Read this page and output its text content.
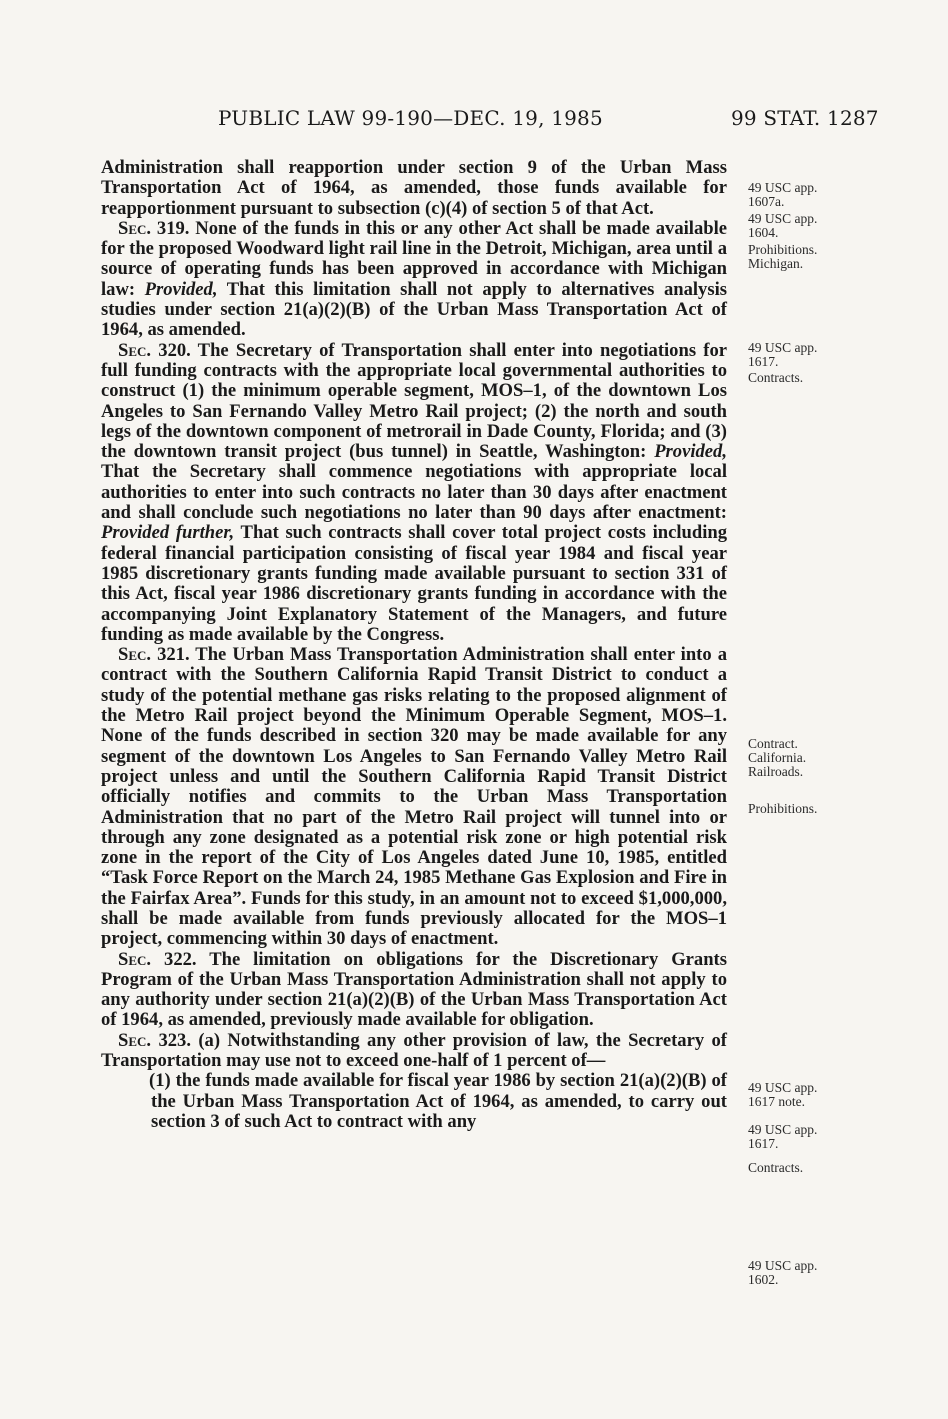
PUBLIC LAW 99-190—DEC. 19, 1985	99 STAT. 1287

Administration shall reapportion under section 9 of the Urban Mass Transportation Act of 1964, as amended, those funds available for reapportionment pursuant to subsection (c)(4) of section 5 of that Act.

Sec. 319. None of the funds in this or any other Act shall be made available for the proposed Woodward light rail line in the Detroit, Michigan, area until a source of operating funds has been approved in accordance with Michigan law: Provided, That this limitation shall not apply to alternatives analysis studies under section 21(a)(2)(B) of the Urban Mass Transportation Act of 1964, as amended.

Sec. 320. The Secretary of Transportation shall enter into negotiations for full funding contracts with the appropriate local governmental authorities to construct (1) the minimum operable segment, MOS–1, of the downtown Los Angeles to San Fernando Valley Metro Rail project; (2) the north and south legs of the downtown component of metrorail in Dade County, Florida; and (3) the downtown transit project (bus tunnel) in Seattle, Washington: Provided, That the Secretary shall commence negotiations with appropriate local authorities to enter into such contracts no later than 30 days after enactment and shall conclude such negotiations no later than 90 days after enactment: Provided further, That such contracts shall cover total project costs including federal financial participation consisting of fiscal year 1984 and fiscal year 1985 discretionary grants funding made available pursuant to section 331 of this Act, fiscal year 1986 discretionary grants funding in accordance with the accompanying Joint Explanatory Statement of the Managers, and future funding as made available by the Congress.

Sec. 321. The Urban Mass Transportation Administration shall enter into a contract with the Southern California Rapid Transit District to conduct a study of the potential methane gas risks relating to the proposed alignment of the Metro Rail project beyond the Minimum Operable Segment, MOS–1. None of the funds described in section 320 may be made available for any segment of the downtown Los Angeles to San Fernando Valley Metro Rail project unless and until the Southern California Rapid Transit District officially notifies and commits to the Urban Mass Transportation Administration that no part of the Metro Rail project will tunnel into or through any zone designated as a potential risk zone or high potential risk zone in the report of the City of Los Angeles dated June 10, 1985, entitled “Task Force Report on the March 24, 1985 Methane Gas Explosion and Fire in the Fairfax Area”. Funds for this study, in an amount not to exceed $1,000,000, shall be made available from funds previously allocated for the MOS–1 project, commencing within 30 days of enactment.

Sec. 322. The limitation on obligations for the Discretionary Grants Program of the Urban Mass Transportation Administration shall not apply to any authority under section 21(a)(2)(B) of the Urban Mass Transportation Act of 1964, as amended, previously made available for obligation.

Sec. 323. (a) Notwithstanding any other provision of law, the Secretary of Transportation may use not to exceed one-half of 1 percent of—

(1) the funds made available for fiscal year 1986 by section 21(a)(2)(B) of the Urban Mass Transportation Act of 1964, as amended, to carry out section 3 of such Act to contract with any

49 USC app.
1607a.
49 USC app.
1604.
Prohibitions.
Michigan.
49 USC app.
1617.
Contracts.
Contract.
California.
Railroads.
Prohibitions.
49 USC app.
1617 note.
49 USC app.
1617.
Contracts.
49 USC app.
1602.
